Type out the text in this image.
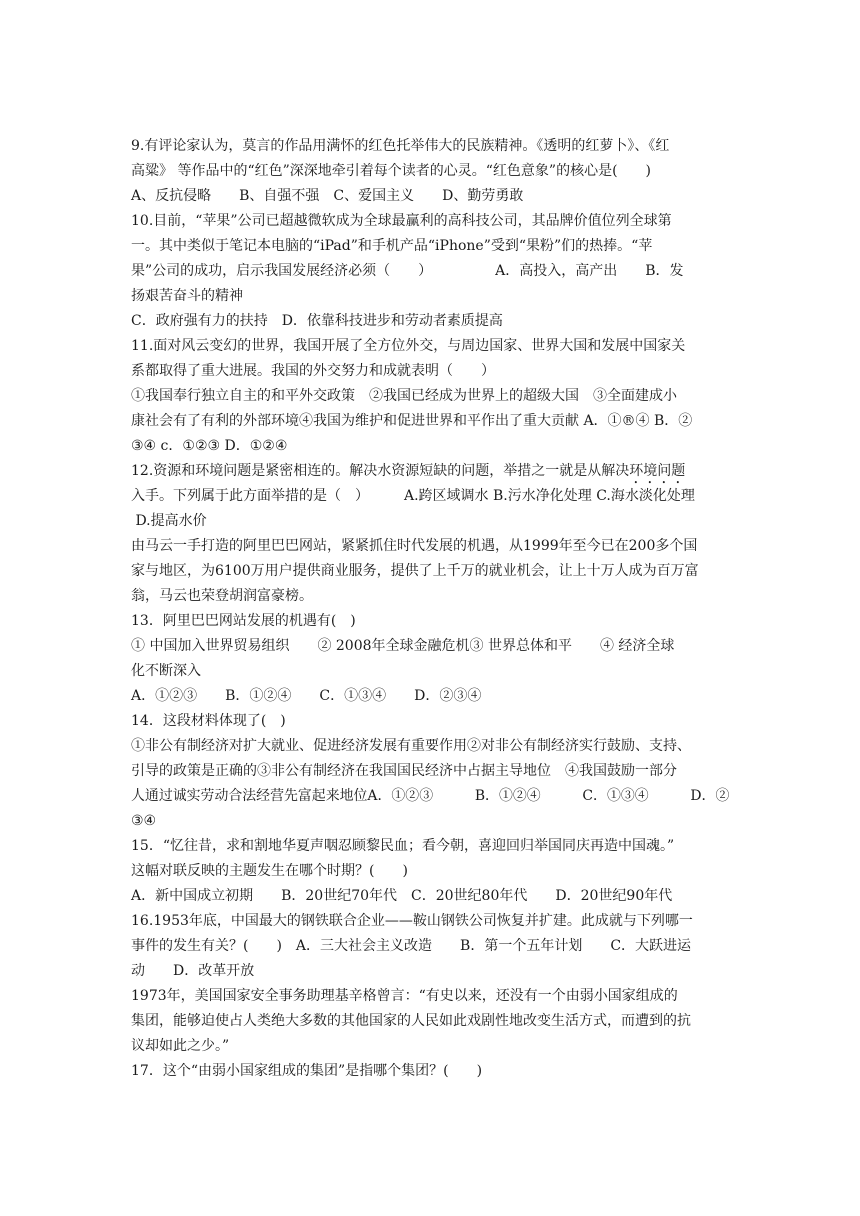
9.有评论家认为，莫言的作品用满怀的红色托举伟大的民族精神。《透明的红萝卜》、《红
高粱》 等作品中的“红色”深深地牵引着每个读者的心灵。“红色意象”的核心是(　　)
A、反抗侵略　　B、自强不强　C、爱国主义　　D、勤劳勇敢
10.目前，“苹果”公司已超越微软成为全球最赢利的高科技公司，其品牌价值位列全球第
一。其中类似于笔记本电脑的“iPad”和手机产品“iPhone”受到“果粉”们的热捧。“苹
果”公司的成功，启示我国发展经济必须（　　）　　　　　A．高投入，高产出　　B．发
扬艰苦奋斗的精神
C．政府强有力的扶持　D．依靠科技进步和劳动者素质提高
11.面对风云变幻的世界，我国开展了全方位外交，与周边国家、世界大国和发展中国家关
系都取得了重大进展。我国的外交努力和成就表明（　　）
①我国奉行独立自主的和平外交政策　②我国已经成为世界上的超级大国　③全面建成小
康社会有了有利的外部环境④我国为维护和促进世界和平作出了重大贡献 A．①®④ B．②
③④ c．①②③ D．①②④
12.资源和环境问题是紧密相连的。解决水资源短缺的问题，举措之一就是从解决环境问题
入手。下列属于此方面举措的是（　）　　　A.跨区域调水 B.污水净化处理 C.海水淡化处理
D.提高水价
由马云一手打造的阿里巴巴网站，紧紧抓住时代发展的机遇，从1999年至今已在200多个国
家与地区，为6100万用户提供商业服务，提供了上千万的就业机会，让上十万人成为百万富
翁，马云也荣登胡润富豪榜。
13．阿里巴巴网站发展的机遇有(　)
① 中国加入世界贸易组织　　② 2008年全球金融危机③ 世界总体和平　　④ 经济全球
化不断深入
A．①②③　　B．①②④　　C．①③④　　D．②③④
14．这段材料体现了(　)
①非公有制经济对扩大就业、促进经济发展有重要作用②对非公有制经济实行鼓励、支持、
引导的政策是正确的③非公有制经济在我国国民经济中占据主导地位　④我国鼓励一部分
人通过诚实劳动合法经营先富起来地位A．①②③　　　B．①②④　　　C．①③④　　　D．②
③④
15．“忆往昔，求和割地华夏声咽忍顾黎民血；看今朝，喜迎回归举国同庆再造中国魂。”
这幅对联反映的主题发生在哪个时期？(　　)
A．新中国成立初期　　B．20世纪70年代　C．20世纪80年代　　D．20世纪90年代
16.1953年底，中国最大的钢铁联合企业——鞍山钢铁公司恢复并扩建。此成就与下列哪一
事件的发生有关？(　　)　A．三大社会主义改造　　B．第一个五年计划　　C．大跃进运
动　　D．改革开放
1973年，美国国家安全事务助理基辛格曾言：“有史以来，还没有一个由弱小国家组成的
集团，能够迫使占人类绝大多数的其他国家的人民如此戏剧性地改变生活方式，而遭到的抗
议却如此之少。”
17．这个“由弱小国家组成的集团”是指哪个集团？(　　)
